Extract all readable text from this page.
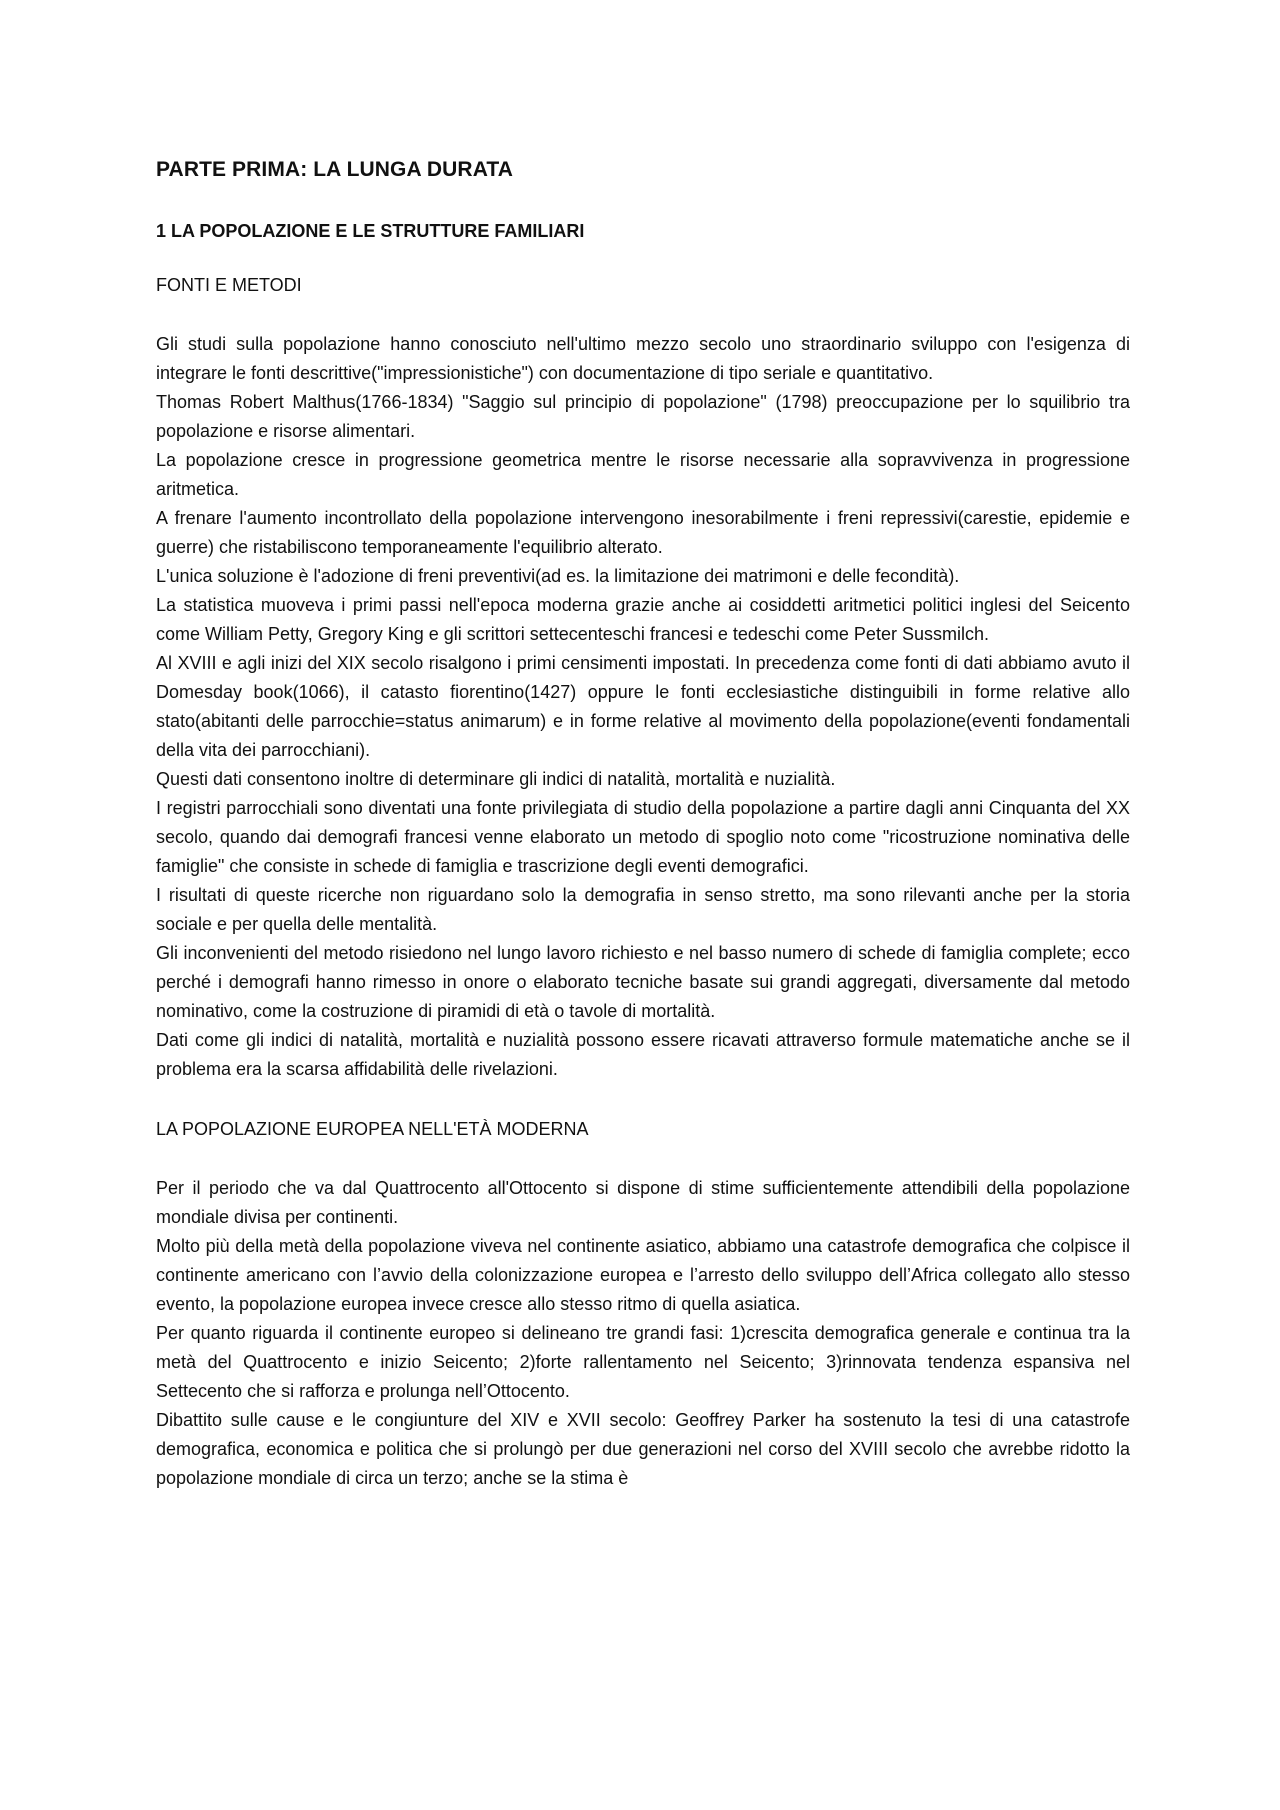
PARTE PRIMA: LA LUNGA DURATA
1 LA POPOLAZIONE E LE STRUTTURE FAMILIARI
FONTI E METODI

Gli studi sulla popolazione hanno conosciuto nell'ultimo mezzo secolo uno straordinario sviluppo con l'esigenza di integrare le fonti descrittive("impressionistiche") con documentazione di tipo seriale e quantitativo.

Thomas Robert Malthus(1766-1834) "Saggio sul principio di popolazione" (1798) preoccupazione per lo squilibrio tra popolazione e risorse alimentari.

La popolazione cresce in progressione geometrica mentre le risorse necessarie alla sopravvivenza in progressione aritmetica.

A frenare l'aumento incontrollato della popolazione intervengono inesorabilmente i freni repressivi(carestie, epidemie e guerre) che ristabiliscono temporaneamente l'equilibrio alterato.

L'unica soluzione è l'adozione di freni preventivi(ad es. la limitazione dei matrimoni e delle fecondità).

La statistica muoveva i primi passi nell'epoca moderna grazie anche ai cosiddetti aritmetici politici inglesi del Seicento come William Petty, Gregory King e gli scrittori settecenteschi francesi e tedeschi come Peter Sussmilch.

Al XVIII e agli inizi del XIX secolo risalgono i primi censimenti impostati. In precedenza come fonti di dati abbiamo avuto il Domesday book(1066), il catasto fiorentino(1427) oppure le fonti ecclesiastiche distinguibili in forme relative allo stato(abitanti delle parrocchie=status animarum) e in forme relative al movimento della popolazione(eventi fondamentali della vita dei parrocchiani).

Questi dati consentono inoltre di determinare gli indici di natalità, mortalità e nuzialità.

I registri parrocchiali sono diventati una fonte privilegiata di studio della popolazione a partire dagli anni Cinquanta del XX secolo, quando dai demografi francesi venne elaborato un metodo di spoglio noto come "ricostruzione nominativa delle famiglie" che consiste in schede di famiglia e trascrizione degli eventi demografici.

I risultati di queste ricerche non riguardano solo la demografia in senso stretto, ma sono rilevanti anche per la storia sociale e per quella delle mentalità.

Gli inconvenienti del metodo risiedono nel lungo lavoro richiesto e nel basso numero di schede di famiglia complete; ecco perché i demografi hanno rimesso in onore o elaborato tecniche basate sui grandi aggregati, diversamente dal metodo nominativo, come la costruzione di piramidi di età o tavole di mortalità.

Dati come gli indici di natalità, mortalità e nuzialità possono essere ricavati attraverso formule matematiche anche se il problema era la scarsa affidabilità delle rivelazioni.

LA POPOLAZIONE EUROPEA NELL'ETÀ MODERNA

Per il periodo che va dal Quattrocento all'Ottocento si dispone di stime sufficientemente attendibili della popolazione mondiale divisa per continenti.

Molto più della metà della popolazione viveva nel continente asiatico, abbiamo una catastrofe demografica che colpisce il continente americano con l’avvio della colonizzazione europea e l’arresto dello sviluppo dell’Africa collegato allo stesso evento, la popolazione europea invece cresce allo stesso ritmo di quella asiatica.

Per quanto riguarda il continente europeo si delineano tre grandi fasi: 1)crescita demografica generale e continua tra la metà del Quattrocento e inizio Seicento; 2)forte rallentamento nel Seicento; 3)rinnovata tendenza espansiva nel Settecento che si rafforza e prolunga nell’Ottocento.

Dibattito sulle cause e le congiunture del XIV e XVII secolo: Geoffrey Parker ha sostenuto la tesi di una catastrofe demografica, economica e politica che si prolungò per due generazioni nel corso del XVIII secolo che avrebbe ridotto la popolazione mondiale di circa un terzo; anche se la stima è
